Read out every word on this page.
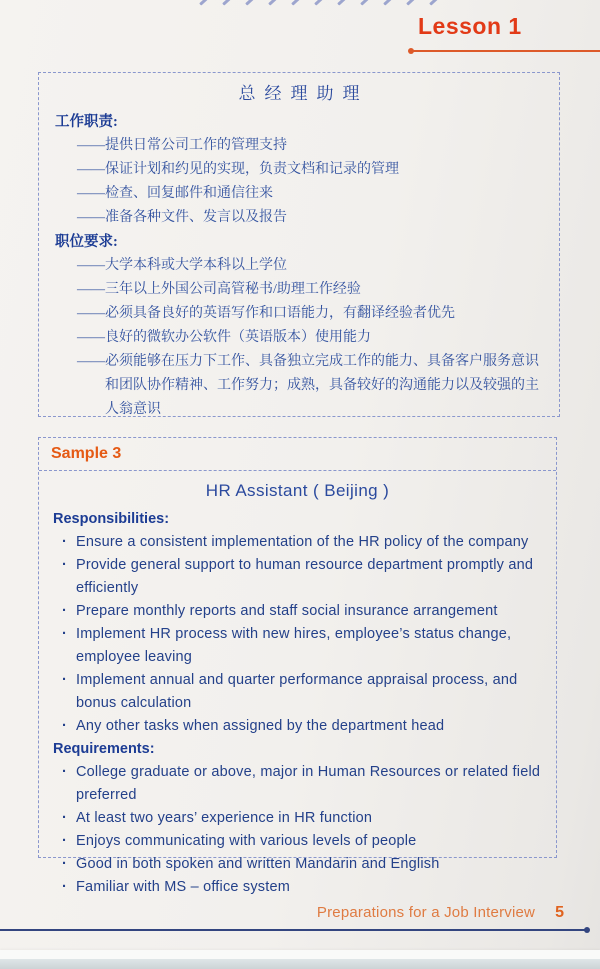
Lesson 1
总经理助理
工作职责:
——提供日常公司工作的管理支持
——保证计划和约见的实现，负责文档和记录的管理
——检查、回复邮件和通信往来
——准备各种文件、发言以及报告
职位要求:
——大学本科或大学本科以上学位
——三年以上外国公司高管秘书/助理工作经验
——必须具备良好的英语写作和口语能力，有翻译经验者优先
——良好的微软办公软件（英语版本）使用能力
——必须能够在压力下工作、具备独立完成工作的能力、具备客户服务意识和团队协作精神、工作努力；成熟，具备较好的沟通能力以及较强的主人翁意识
Sample 3
HR Assistant ( Beijing )
Responsibilities:
· Ensure a consistent implementation of the HR policy of the company
· Provide general support to human resource department promptly and efficiently
· Prepare monthly reports and staff social insurance arrangement
· Implement HR process with new hires, employee’s status change, employee leaving
· Implement annual and quarter performance appraisal process, and bonus calculation
· Any other tasks when assigned by the department head
Requirements:
· College graduate or above, major in Human Resources or related field preferred
· At least two years’ experience in HR function
· Enjoys communicating with various levels of people
· Good in both spoken and written Mandarin and English
· Familiar with MS – office system
Preparations for a Job Interview 5
